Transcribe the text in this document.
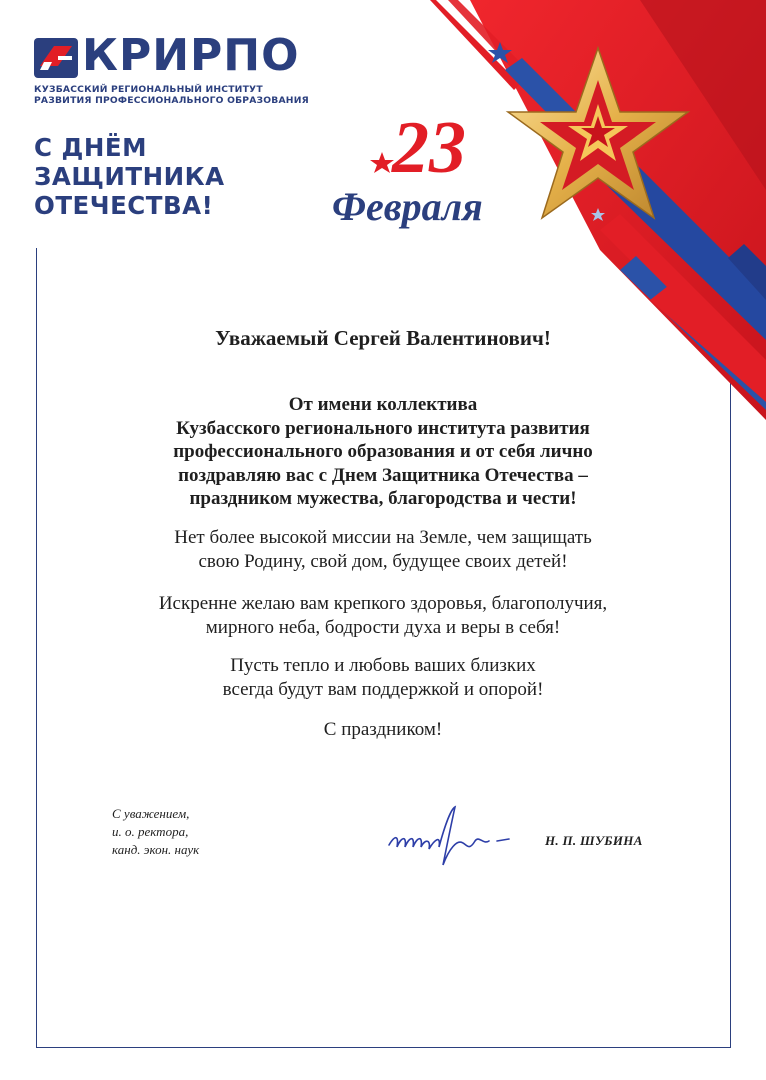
КРИРПО
КУЗБАССКИЙ РЕГИОНАЛЬНЫЙ ИНСТИТУТ
РАЗВИТИЯ ПРОФЕССИОНАЛЬНОГО ОБРАЗОВАНИЯ
С ДНЁМ
ЗАЩИТНИКА
ОТЕЧЕСТВА!
23
Февраля
Уважаемый Сергей Валентинович!
От имени коллектива
Кузбасского регионального института развития
профессионального образования и от себя лично
поздравляю вас с Днем Защитника Отечества –
праздником мужества, благородства и чести!
Нет более высокой миссии на Земле, чем защищать
свою Родину, свой дом, будущее своих детей!
Искренне желаю вам крепкого здоровья, благополучия,
мирного неба, бодрости духа и веры в себя!
Пусть тепло и любовь ваших близких
всегда будут вам поддержкой и опорой!
С праздником!
С уважением,
и. о. ректора,
канд. экон. наук
Н. П. ШУБИНА
